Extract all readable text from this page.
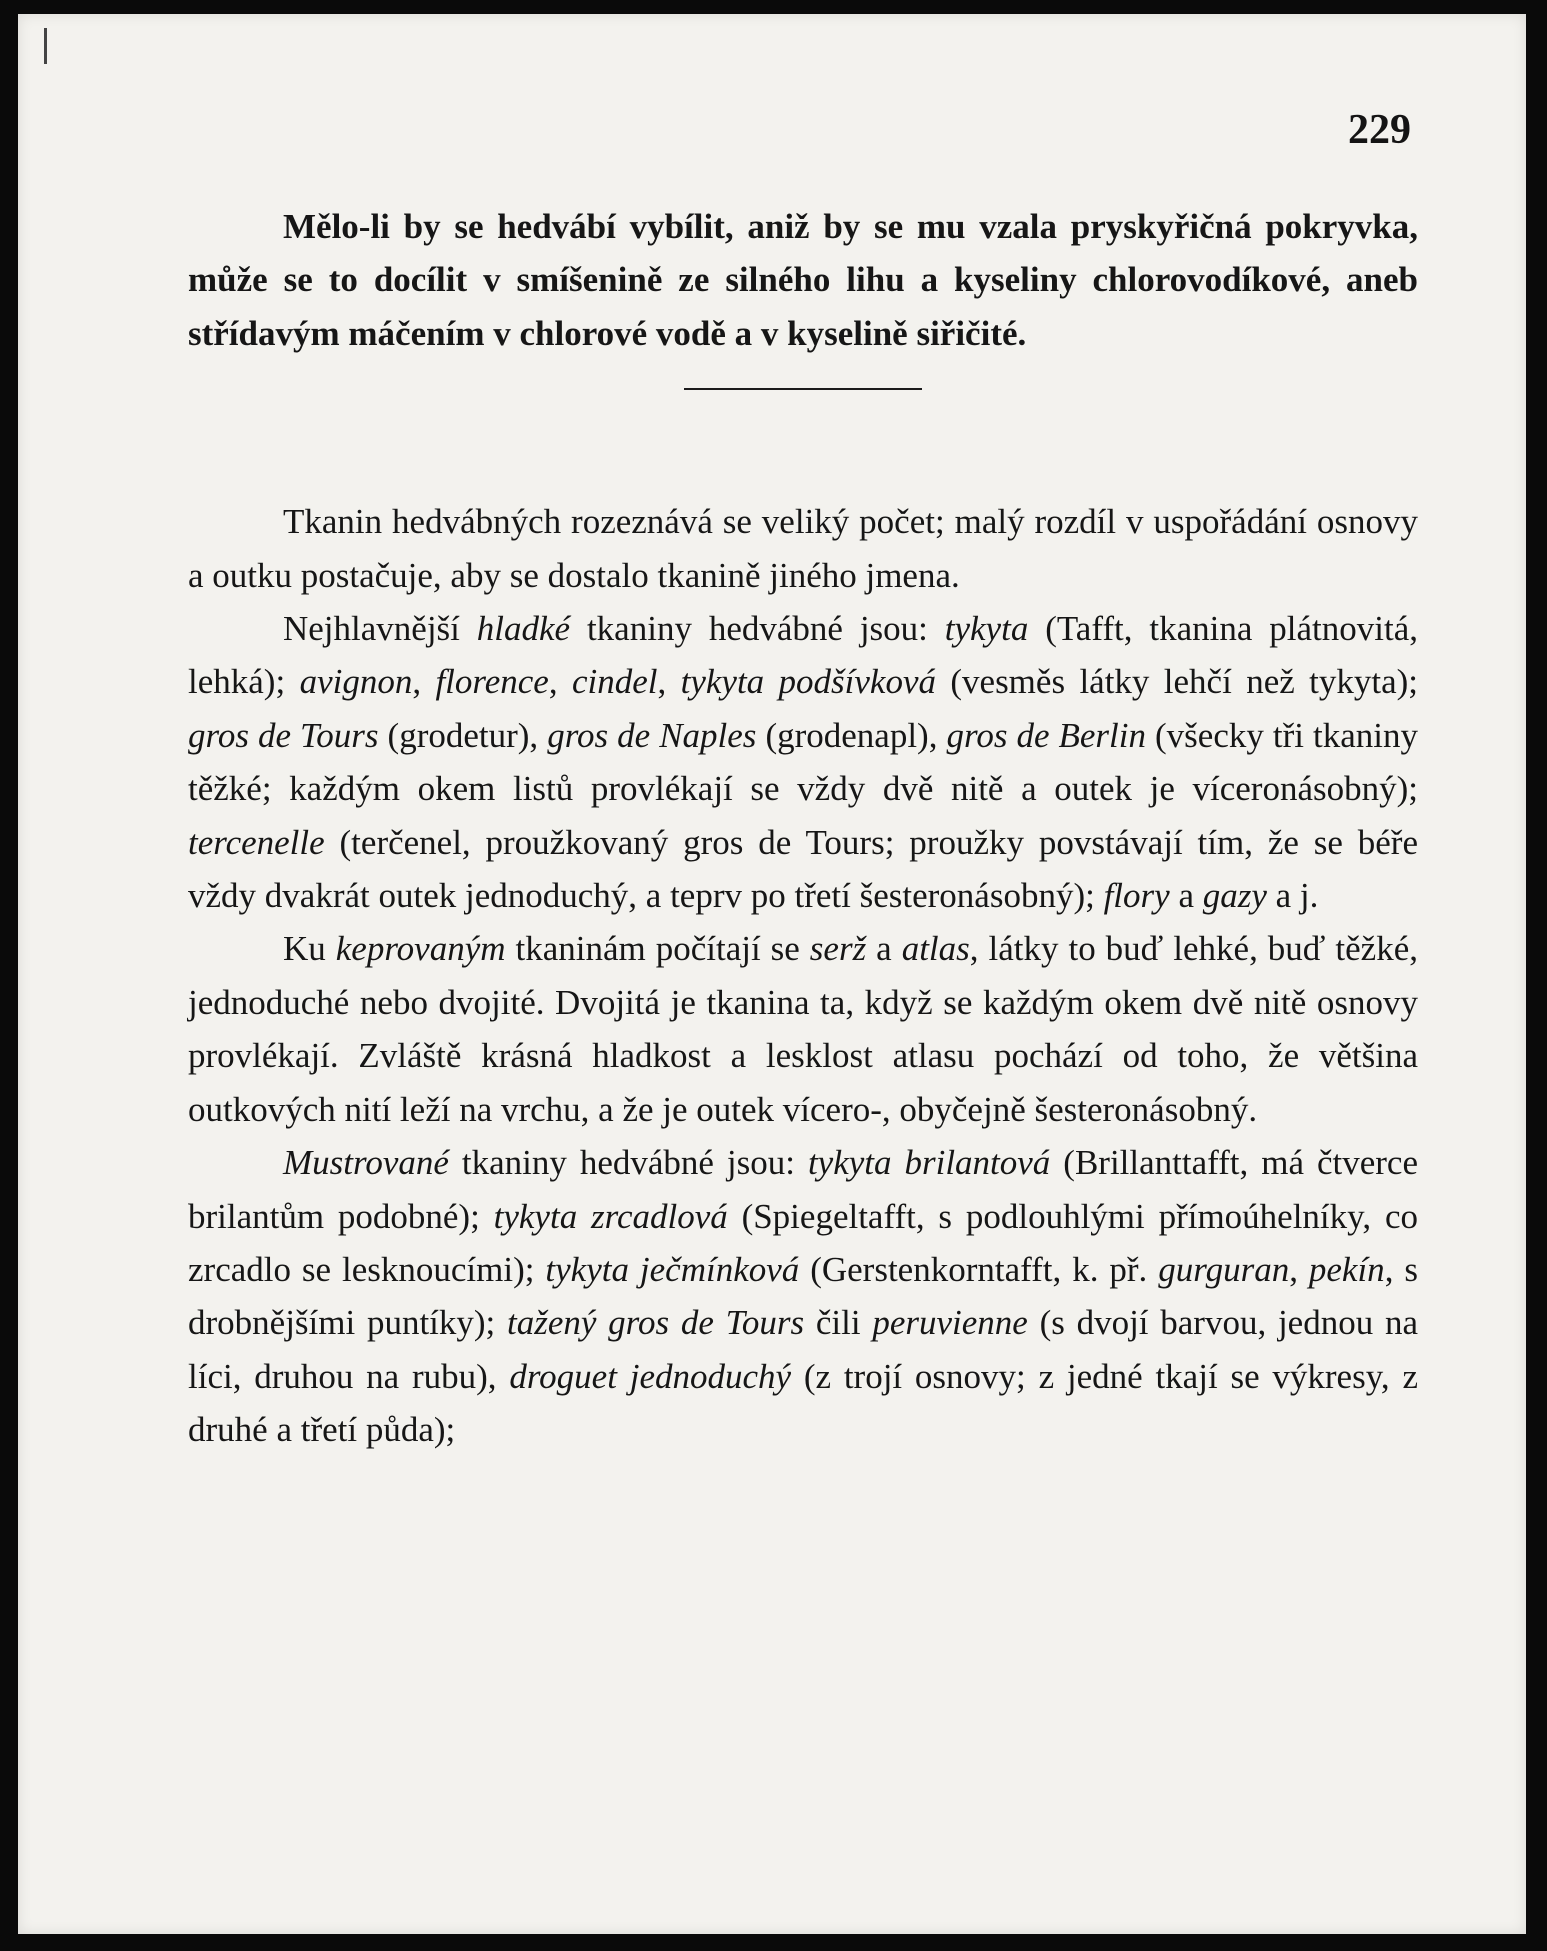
229

Mělo-li by se hedvábí vybílit, aniž by se mu vzala pryskyřičná pokryvka, může se to docílit v smíšenině ze silného lihu a kyseliny chlorovodíkové, aneb střídavým máčením v chlorové vodě a v kyselině siřičité.

Tkanin hedvábných rozeznává se veliký počet; malý rozdíl v uspořádání osnovy a outku postačuje, aby se dostalo tkanině jiného jmena.

Nejhlavnější hladké tkaniny hedvábné jsou: tykyta (Tafft, tkanina plátnovitá, lehká); avignon, florence, cindel, tykyta podšívková (vesměs látky lehčí než tykyta); gros de Tours (grodetur), gros de Naples (grodenapl), gros de Berlin (všecky tři tkaniny těžké; každým okem listů provlékají se vždy dvě nitě a outek je víceronásobný); tercenelle (terčenel, proužkovaný gros de Tours; proužky povstávají tím, že se béře vždy dvakrát outek jednoduchý, a teprv po třetí šesteronásobný); flory a gazy a j.

Ku keprovaným tkaninám počítají se serž a atlas, látky to buď lehké, buď těžké, jednoduché nebo dvojité. Dvojitá je tkanina ta, když se každým okem dvě nitě osnovy provlékají. Zvláště krásná hladkost a lesklost atlasu pochází od toho, že většina outkových nití leží na vrchu, a že je outek vícero-, obyčejně šesteronásobný.

Mustrované tkaniny hedvábné jsou: tykyta brilantová (Brillanttafft, má čtverce brilantům podobné); tykyta zrcadlová (Spiegeltafft, s podlouhlými přímoúhelníky, co zrcadlo se lesknoucími); tykyta ječmínková (Gerstenkorntafft, k. př. gurguran, pekín, s drobnějšími puntíky); tažený gros de Tours čili peruvienne (s dvojí barvou, jednou na líci, druhou na rubu), droguet jednoduchý (z trojí osnovy; z jedné tkají se výkresy, z druhé a třetí půda);
